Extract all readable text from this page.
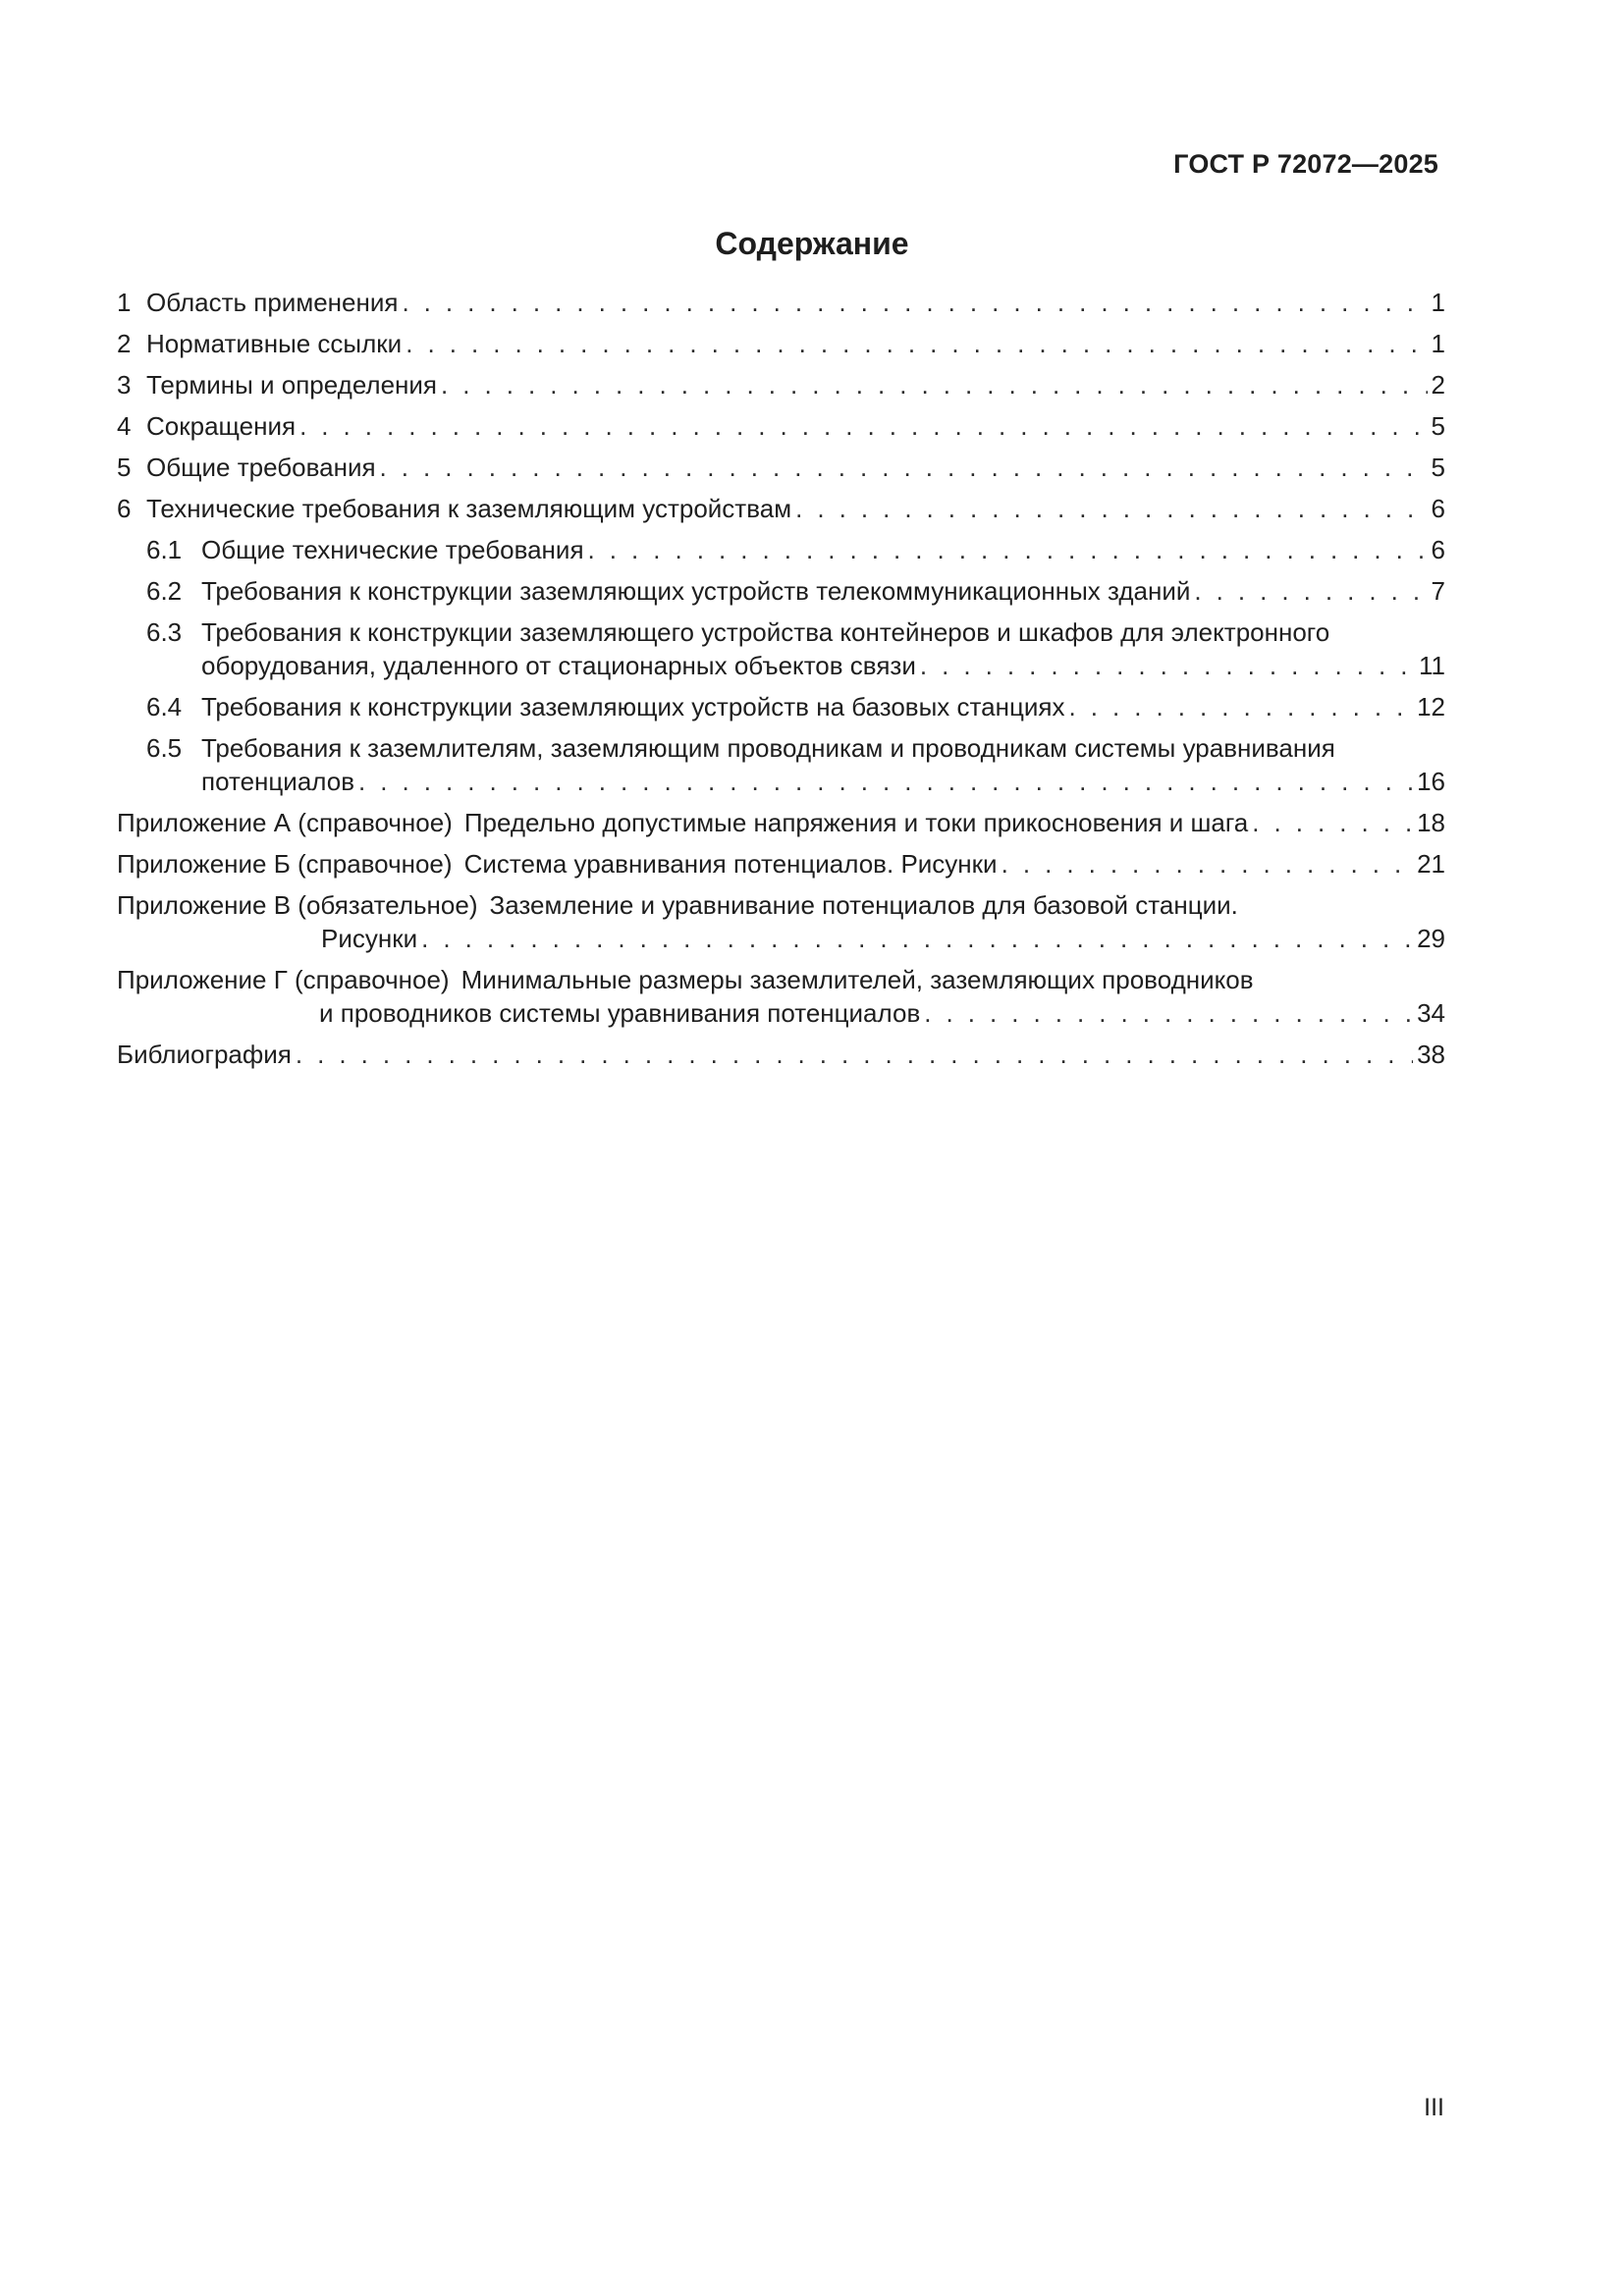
ГОСТ Р 72072—2025
Содержание
1 Область применения . . .	1
2 Нормативные ссылки . . .	1
3 Термины и определения . . .	2
4 Сокращения . . .	5
5 Общие требования . . .	5
6 Технические требования к заземляющим устройствам . . .	6
6.1 Общие технические требования . . .	6
6.2 Требования к конструкции заземляющих устройств телекоммуникационных зданий . . .	7
6.3 Требования к конструкции заземляющего устройства контейнеров и шкафов для электронного
оборудования, удаленного от стационарных объектов связи . . .	11
6.4 Требования к конструкции заземляющих устройств на базовых станциях . . .	12
6.5 Требования к заземлителям, заземляющим проводникам и проводникам системы уравнивания
потенциалов . . .	16
Приложение А (справочное) Предельно допустимые напряжения и токи прикосновения и шага . . .	18
Приложение Б (справочное) Система уравнивания потенциалов. Рисунки . . .	21
Приложение В (обязательное) Заземление и уравнивание потенциалов для базовой станции.
Рисунки . . .	29
Приложение Г (справочное) Минимальные размеры заземлителей, заземляющих проводников
и проводников системы уравнивания потенциалов . . .	34
Библиография . . .	38
III
